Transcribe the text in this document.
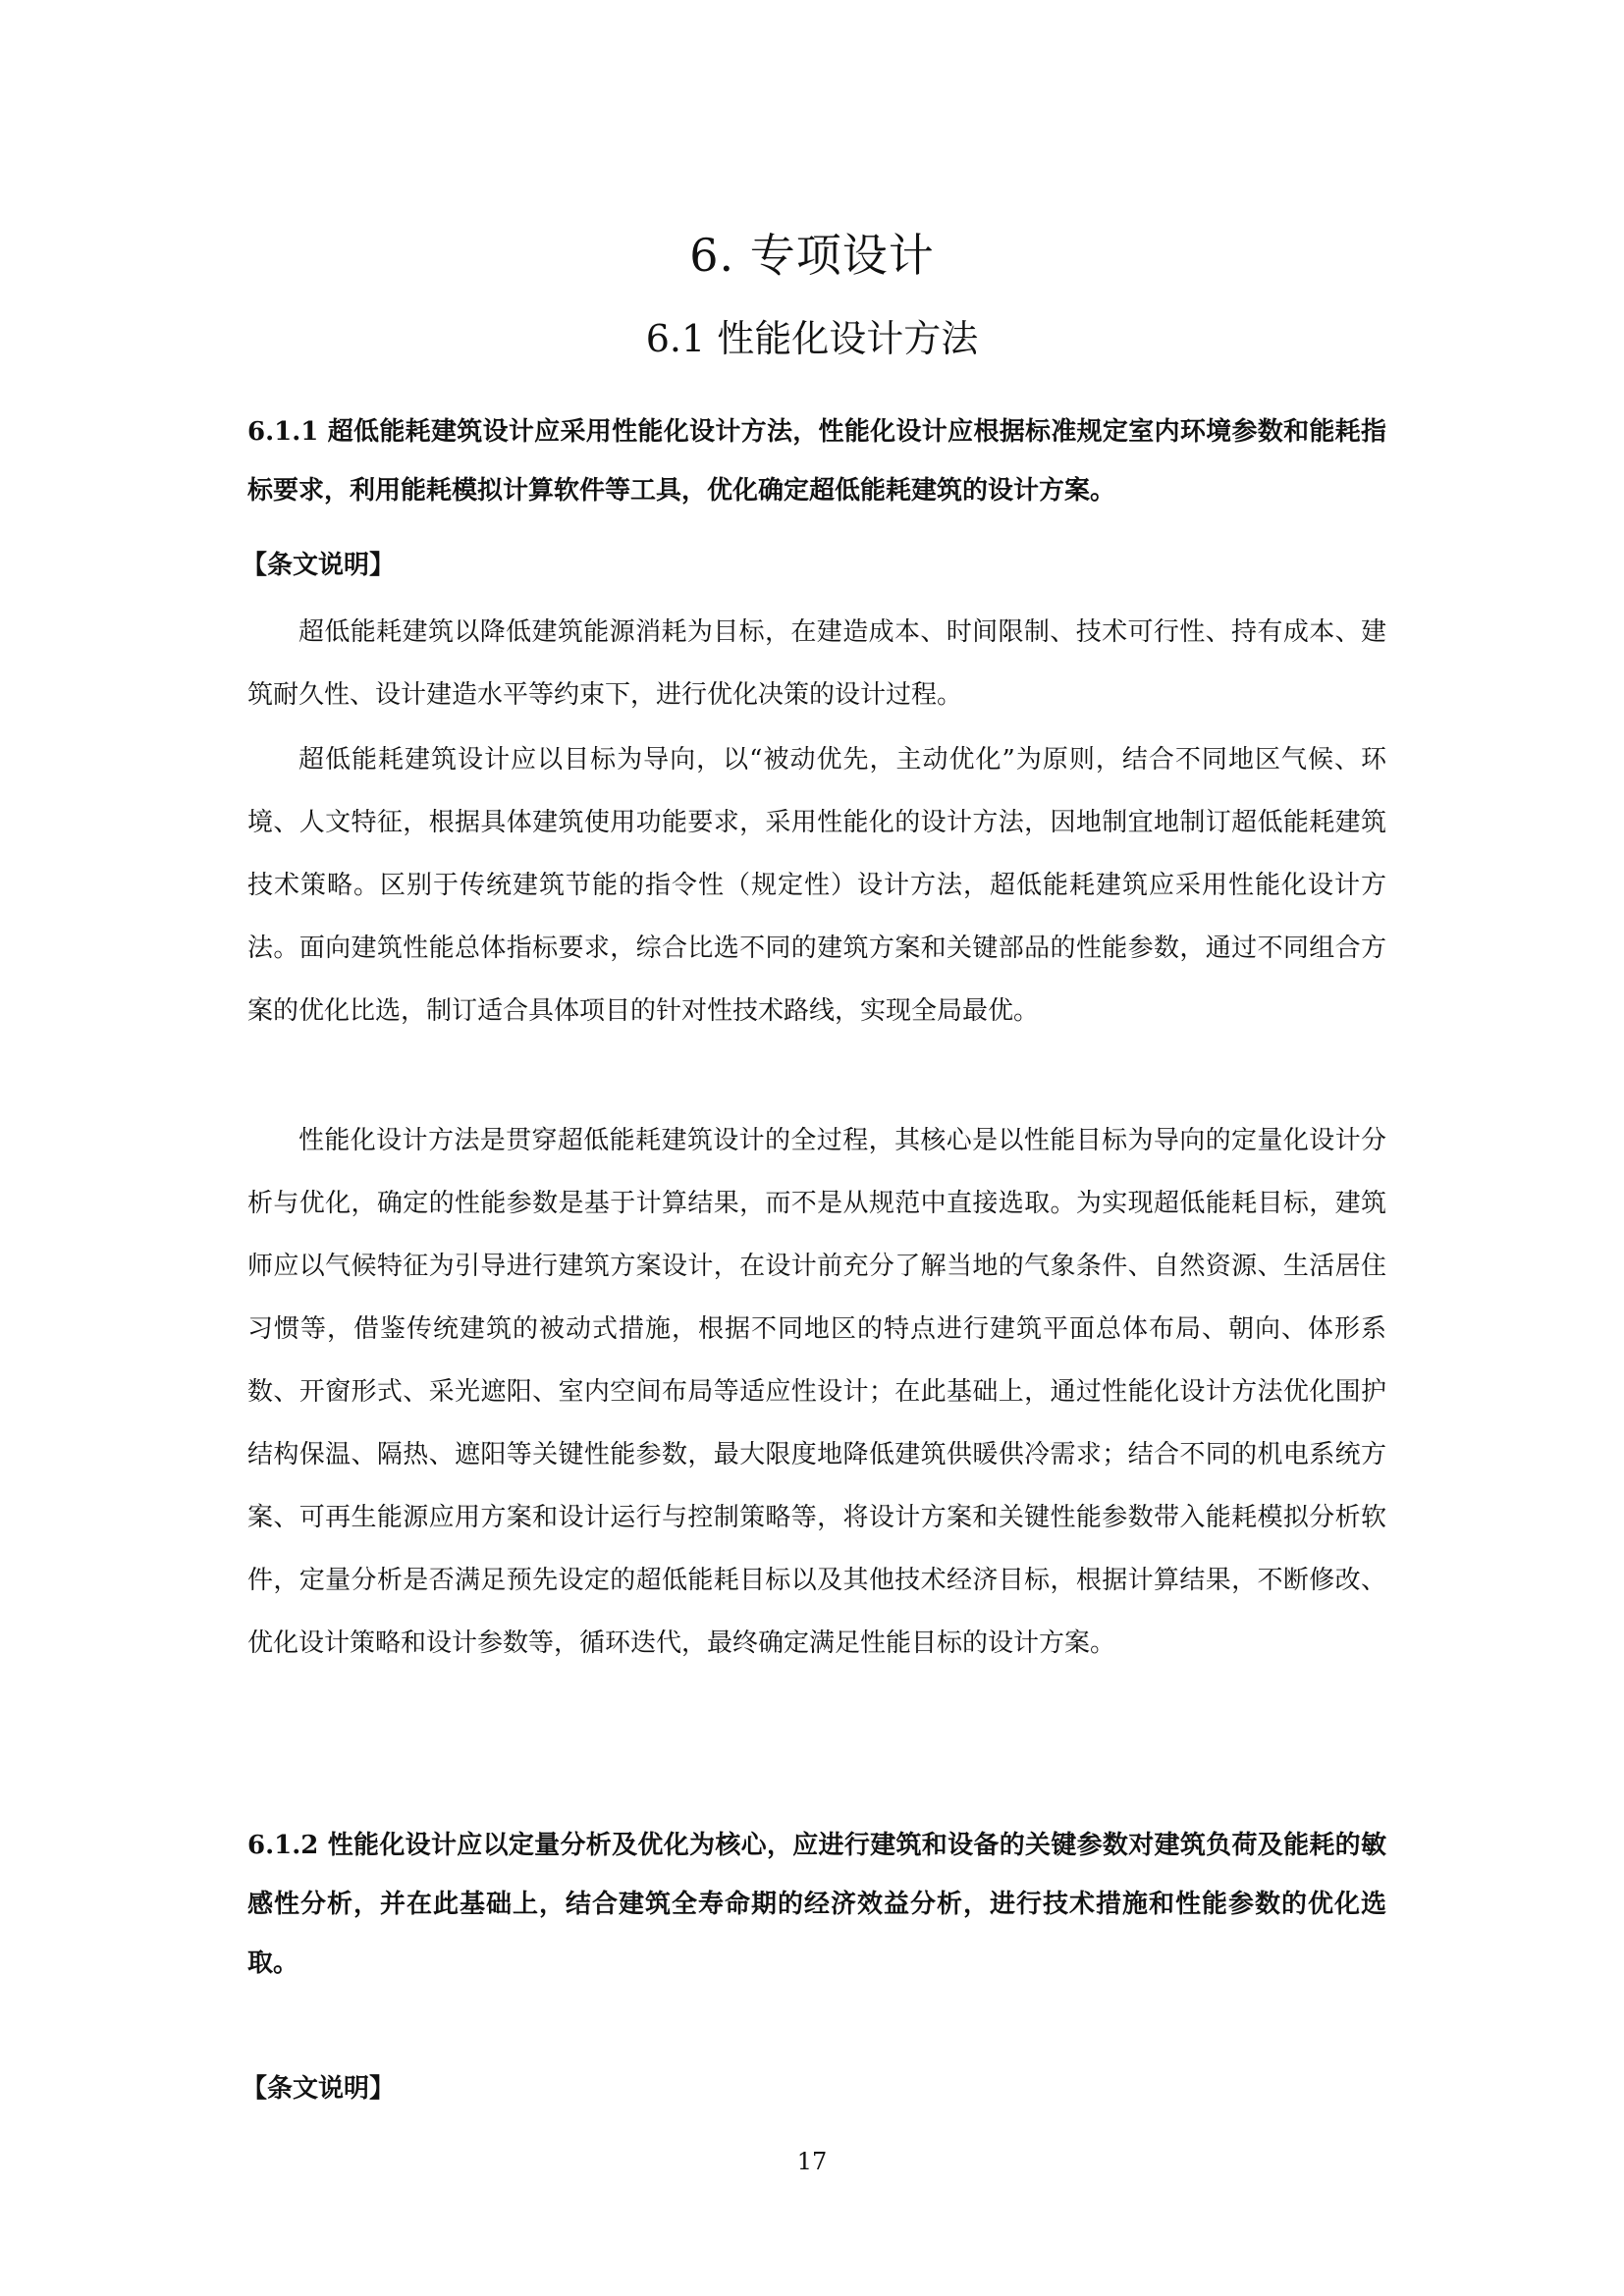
6. 专项设计
6.1 性能化设计方法

6.1.1 超低能耗建筑设计应采用性能化设计方法，性能化设计应根据标准规定室内环境参数和能耗指标要求，利用能耗模拟计算软件等工具，优化确定超低能耗建筑的设计方案。

【条文说明】

超低能耗建筑以降低建筑能源消耗为目标，在建造成本、时间限制、技术可行性、持有成本、建筑耐久性、设计建造水平等约束下，进行优化决策的设计过程。

超低能耗建筑设计应以目标为导向，以“被动优先，主动优化”为原则，结合不同地区气候、环境、人文特征，根据具体建筑使用功能要求，采用性能化的设计方法，因地制宜地制订超低能耗建筑技术策略。区别于传统建筑节能的指令性（规定性）设计方法，超低能耗建筑应采用性能化设计方法。面向建筑性能总体指标要求，综合比选不同的建筑方案和关键部品的性能参数，通过不同组合方案的优化比选，制订适合具体项目的针对性技术路线，实现全局最优。

性能化设计方法是贯穿超低能耗建筑设计的全过程，其核心是以性能目标为导向的定量化设计分析与优化，确定的性能参数是基于计算结果，而不是从规范中直接选取。为实现超低能耗目标，建筑师应以气候特征为引导进行建筑方案设计，在设计前充分了解当地的气象条件、自然资源、生活居住习惯等，借鉴传统建筑的被动式措施，根据不同地区的特点进行建筑平面总体布局、朝向、体形系数、开窗形式、采光遮阳、室内空间布局等适应性设计；在此基础上，通过性能化设计方法优化围护结构保温、隔热、遮阳等关键性能参数，最大限度地降低建筑供暖供冷需求；结合不同的机电系统方案、可再生能源应用方案和设计运行与控制策略等，将设计方案和关键性能参数带入能耗模拟分析软件，定量分析是否满足预先设定的超低能耗目标以及其他技术经济目标，根据计算结果，不断修改、优化设计策略和设计参数等，循环迭代，最终确定满足性能目标的设计方案。

6.1.2 性能化设计应以定量分析及优化为核心，应进行建筑和设备的关键参数对建筑负荷及能耗的敏感性分析，并在此基础上，结合建筑全寿命期的经济效益分析，进行技术措施和性能参数的优化选取。

【条文说明】

17
